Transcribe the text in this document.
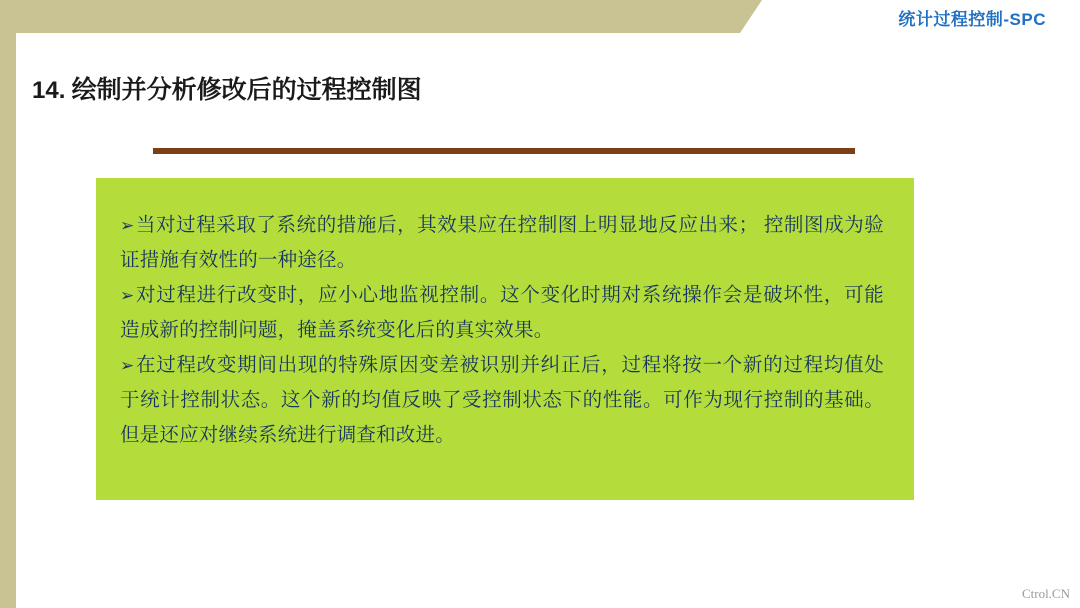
统计过程控制-SPC
14. 绘制并分析修改后的过程控制图
➢当对过程采取了系统的措施后，其效果应在控制图上明显地反应出来； 控制图成为验证措施有效性的一种途径。
➢对过程进行改变时，应小心地监视控制。这个变化时期对系统操作会是破坏性，可能造成新的控制问题，掩盖系统变化后的真实效果。
➢在过程改变期间出现的特殊原因变差被识别并纠正后，过程将按一个新的过程均值处于统计控制状态。这个新的均值反映了受控制状态下的性能。可作为现行控制的基础。但是还应对继续系统进行调查和改进。
Ctrol.CN
